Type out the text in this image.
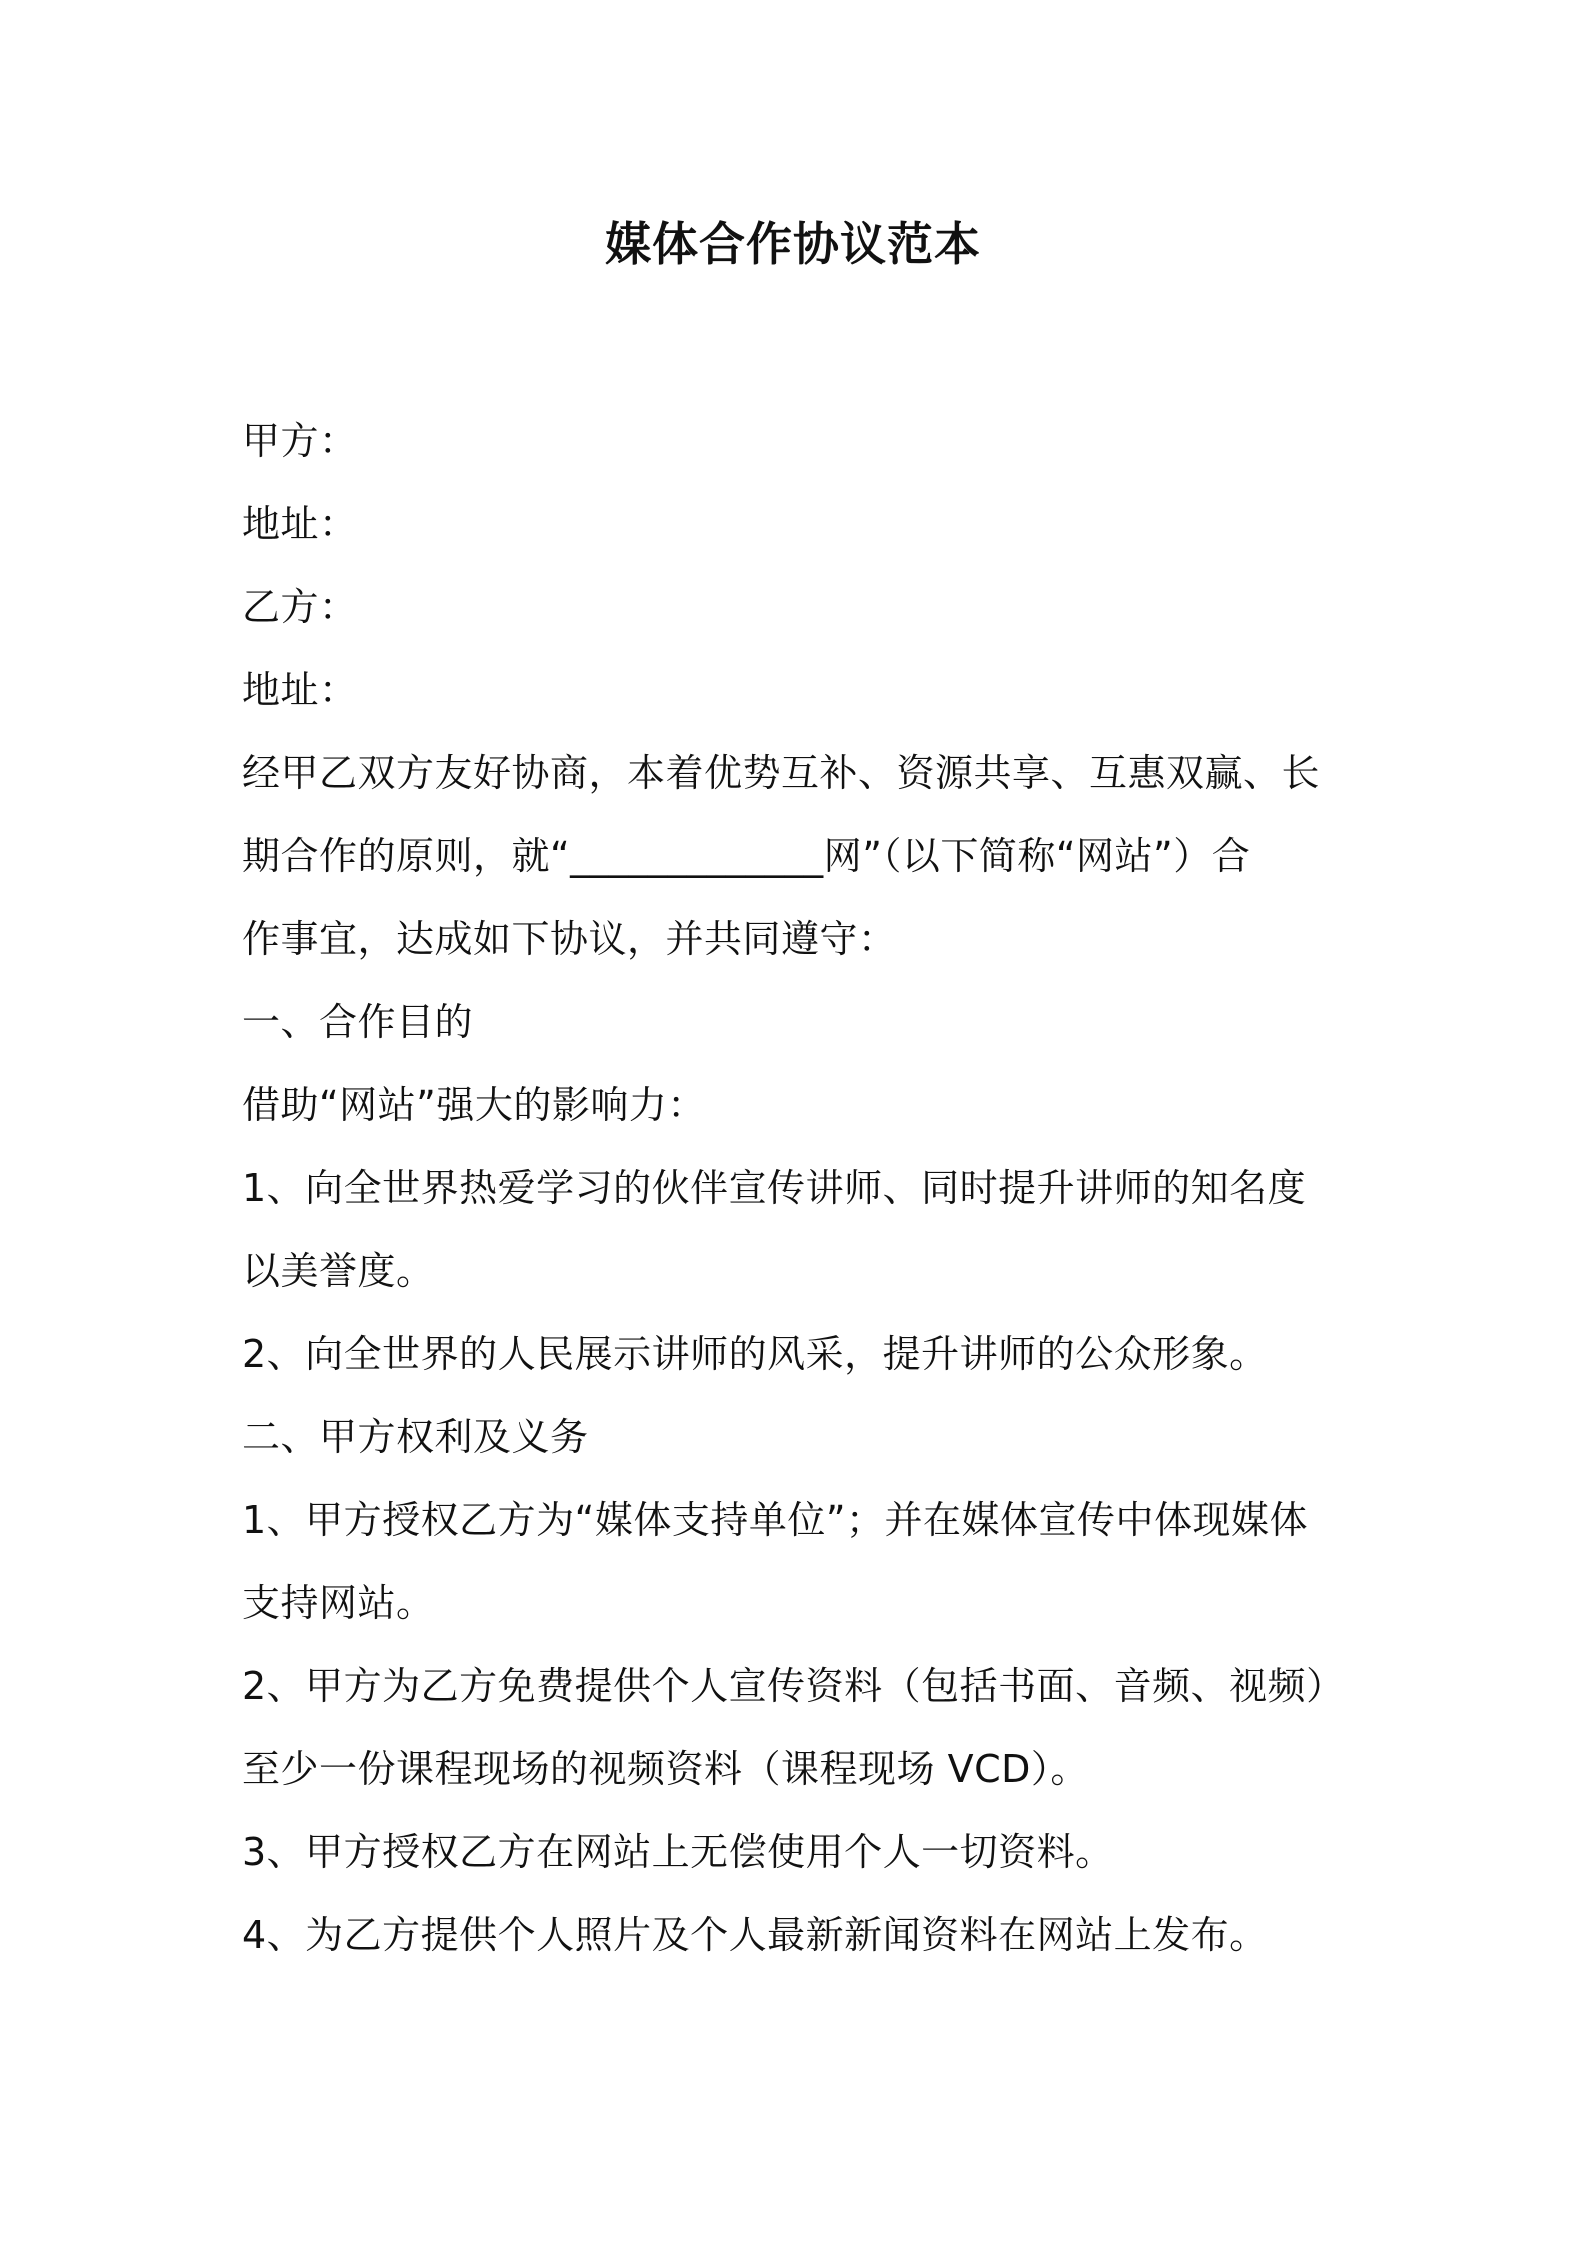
媒体合作协议范本
甲方：
地址：
乙方：
地址：
经甲乙双方友好协商，本着优势互补、资源共享、互惠双赢、长
期合作的原则，就“_____________网”（以下简称“网站”）合
作事宜，达成如下协议，并共同遵守：
一、合作目的
借助“网站”强大的影响力：
1、向全世界热爱学习的伙伴宣传讲师、同时提升讲师的知名度
以美誉度。
2、向全世界的人民展示讲师的风采，提升讲师的公众形象。
二、甲方权利及义务
1、甲方授权乙方为“媒体支持单位”；并在媒体宣传中体现媒体
支持网站。
2、甲方为乙方免费提供个人宣传资料（包括书面、音频、视频）
至少一份课程现场的视频资料（课程现场 VCD）。
3、甲方授权乙方在网站上无偿使用个人一切资料。
4、为乙方提供个人照片及个人最新新闻资料在网站上发布。
